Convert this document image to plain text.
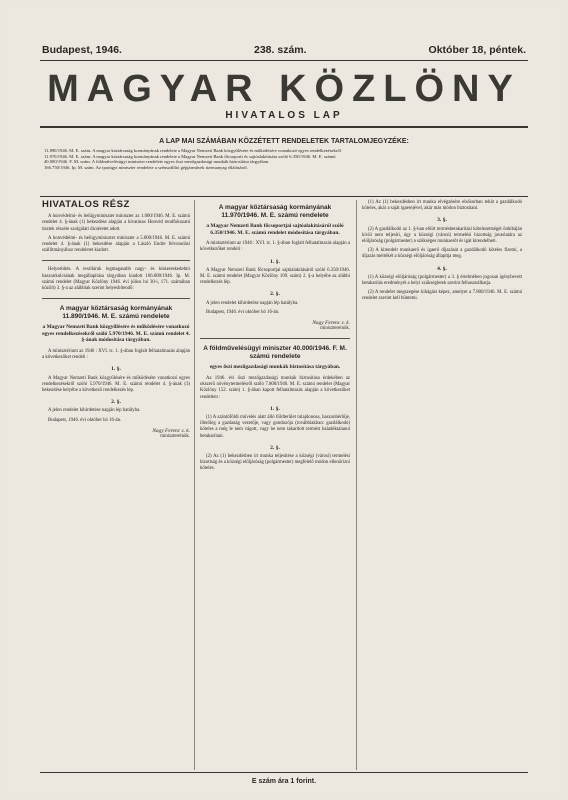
Budapest, 1946.	238. szám.	Október 18, péntek.
MAGYAR KÖZLÖNY
HIVATALOS LAP
A LAP MAI SZÁMÁBAN KÖZZÉTETT RENDELETEK TARTALOMJEGYZÉKE:
11.890/1946. M. E. szám. A magyar köztársaság kormányának rendelete a Magyar Nemzeti Bank közgyűlésére és működésére vonatkozó egyes rendelkezésekről
11.970/1946. M. E. szám. A magyar köztársaság kormányának rendelete a Magyar Nemzeti Bank főcsoporti és sajtóalakítására szóló 6.350/1946. M. E. számú
40.000/1946. F. M. szám. A földművelésügyi miniszter rendelete egyes őszi mezőgazdasági munkák biztosítása tárgyában.
166.750/1946. Ip. M. szám. Az iparügyi miniszter rendelete a szénszállító gépjárművek üzemanyag ellátásáról.
HIVATALOS RÉSZ
A honvédelmi- és belügyminiszter miniszter az 1.000/1946. M. E. számú rendelet 4. §-ának (1) bekezdése alapján a hivatásos Honvéd rendfokozatú tisztek részére szolgálati dicséretet adott.
A honvédelmi- és belügyminiszter miniszter a 5.000/1946. M. E. számú rendelet 4. §-ának (1) bekezdése alapján a László Endre felvonulási szállítmányához rendeletet kiadott.
Helyesbítés. A textiláruk legmagasabb nagy- és kiskereskedelmi haszonkulcsának megállapítása tárgyában kiadott 166.000/1946. Ip. M. számú rendelet (Magyar Közlöny 1946. évi július hó 30-i, 171. számában közölt) 3. §-a az alábbiak szerint helyesbítendő:
A magyar köztársaság kormányának 11.890/1946. M. E. számú rendelete
a Magyar Nemzeti Bank közgyűlésére és működésére vonatkozó egyes rendelkezésekről szóló 5.970/1946. M. E. számú rendelet 4. §-ának módosítása tárgyában.
A minisztérium az 1946 : XVI. tc. 1. §-ában foglalt felhatalmazás alapján a következőket rendeli :
1. §.
A Magyar Nemzeti Bank közgyűlésére és működésére vonatkozó egyes rendelkezésekről szóló 5.970/1946. M. E. számú rendelet 4. §-ának (3) bekezdése helyébe a következő rendelkezés lép.
2. §.
A jelen rendelet kihirdetése napján lép hatályba.
Budapest, 1946. évi október hó 16-án.
Nagy Ferenc s. k.
miniszterelnök.
A magyar köztársaság kormányának 11.970/1946. M. E. számú rendelete
a Magyar Nemzeti Bank főcsoportjai sajtóalakításáról szóló 6.350/1946. M. E. számú rendelet módosítása tárgyában.
A minisztérium az 1946 : XVI. tc. 1. §-ában foglalt felhatalmazás alapján a következőket rendeli :
1. §.
A Magyar Nemzeti Bank főcsoportjai sajtóalakításáról szóló 6.350/1946. M. E. számú rendelet (Magyar Közlöny 109. szám) 2. §-a helyébe az alábbi rendelkezés lép.
2. §.
A jelen rendelet kihirdetése napján lép hatályba.
Budapest, 1946. évi október hó 16-án.
Nagy Ferenc s. k.
miniszterelnök.
A földművelésügyi miniszter 40.000/1946. F. M. számú rendelete
egyes őszi mezőgazdasági munkák biztosítása tárgyában.
Az 1946. évi őszi mezőgazdasági munkák biztosítása érdekében az okszerű növénytermelésről szóló 7.800/1946. M. E. számú rendelet (Magyar Közlöny 152. szám) 1. §-ában kapott felhatalmazás alapján a következőket rendelem :
1. §.
(1) A szántóföldi művelés alatt álló földterület tulajdonosa, haszonbérlője, illetőleg a gazdaság vezetője, vagy gondozója (továbbiakban: gazdálkodó) köteles a még le nem vágott, vagy be nem takarított termést haladéktalanul betakarítani.
2. §.
(2) Az (1) bekezdésben írt munka teljesítése a községi (városi) termelési bizottság és a községi elöljáróság (polgármester) megfelelő módon ellenőrizni köteles.
(1) Az (1) bekezdésben írt munka elvégzésére elsősorban tehát a gazdálkodó köteles, akár a saját igaerejével, akár más módon biztosítani.
3. §.
(2) A gazdálkodó az 1. §-ban előírt termésbetakarítási kötelezettségét önhibáján kívül nem teljesíti, úgy a községi (városi) termelési bizottság javaslatára az elöljáróság (polgármester) a szükséges munkaerőt és igát kirendelheti.
(3) A kirendelt munkaerő és igaerő díjazását a gazdálkodó köteles fizetni, a díjazás mértékét a községi elöljáróság állapítja meg.
4. §.
(1) A községi elöljáróság (polgármester) a 3. § értelmében jogosan igénybevett betakarítás eredményét a helyi szükségletek szerint felhasználhatja.
(2) A rendelet megszegése kihágást képez, amelyet a 7.800/1946. M. E. számú rendelet szerint kell büntetni.
E szám ára 1 forint.
